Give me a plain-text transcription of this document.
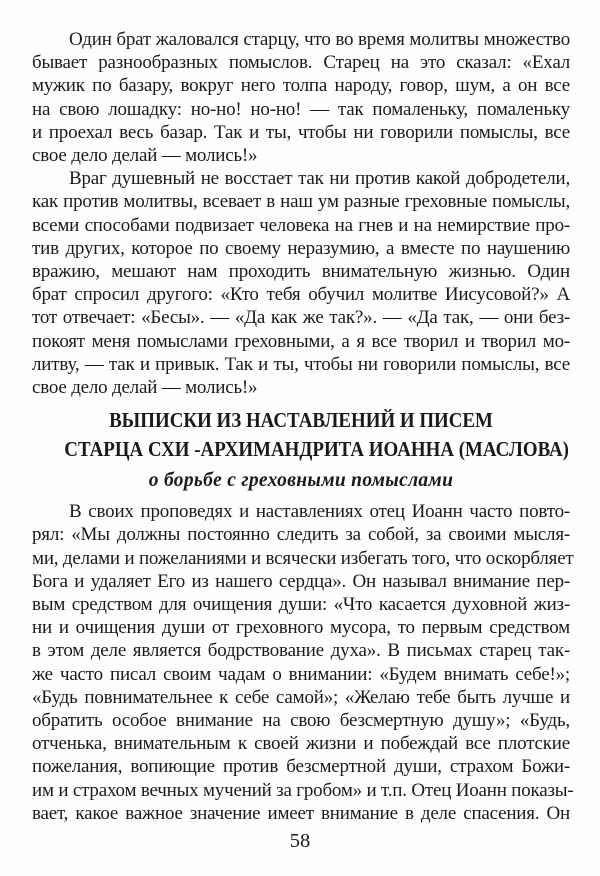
Один брат жаловался старцу, что во время молитвы множество
бывает разнообразных помыслов. Старец на это сказал: «Ехал
мужик по базару, вокруг него толпа народу, говор, шум, а он все
на свою лошадку: но-но! но-но! — так помаленьку, помаленьку
и проехал весь базар. Так и ты, чтобы ни говорили помыслы, все
свое дело делай — молись!»
Враг душевный не восстает так ни против какой добродетели,
как против молитвы, всевает в наш ум разные греховные помыслы,
всеми способами подвизает человека на гнев и на немирствие про-
тив других, которое по своему неразумию, а вместе по наушению
вражию, мешают нам проходить внимательную жизнью. Один
брат спросил другого: «Кто тебя обучил молитве Иисусовой?» А
тот отвечает: «Бесы». — «Да как же так?». — «Да так, — они без-
покоят меня помыслами греховными, а я все творил и творил мо-
литву, — так и привык. Так и ты, чтобы ни говорили помыслы, все
свое дело делай — молись!»
ВЫПИСКИ ИЗ НАСТАВЛЕНИЙ И ПИСЕМ
СТАРЦА СХИ -АРХИМАНДРИТА ИОАННА (МАСЛОВА)
о борьбе с греховными помыслами
В своих проповедях и наставлениях отец Иоанн часто повто-
рял: «Мы должны постоянно следить за собой, за своими мысля-
ми, делами и пожеланиями и всячески избегать того, что оскорбляет
Бога и удаляет Его из нашего сердца». Он называл внимание пер-
вым средством для очищения души: «Что касается духовной жиз-
ни и очищения души от греховного мусора, то первым средством
в этом деле является бодрствование духа». В письмах старец так-
же часто писал своим чадам о внимании: «Будем внимать себе!»;
«Будь повнимательнее к себе самой»; «Желаю тебе быть лучше и
обратить особое внимание на свою безсмертную душу»; «Будь,
отченька, внимательным к своей жизни и побеждай все плотские
пожелания, вопиющие против безсмертной души, страхом Божи-
им и страхом вечных мучений за гробом» и т.п. Отец Иоанн показы-
вает, какое важное значение имеет внимание в деле спасения. Он
58
